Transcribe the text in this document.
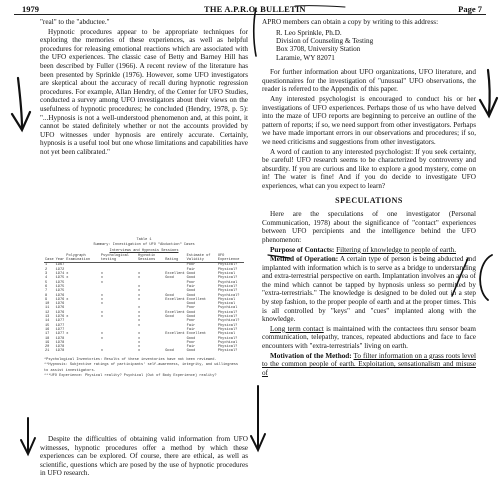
1979	THE A.P.R.O. BULLETIN	Page 7

"real" to the "abductee."

Hypnotic procedures appear to be appropriate techniques for exploring the memories of these experiences, as well as helpful procedures for releasing emotional reactions which are associated with the UFO experiences. The classic case of Betty and Barney Hill has been described by Fuller (1966). A recent review of the literature has been presented by Sprinkle (1976). However, some UFO investigators are skeptical about the accuracy of recall during hypnotic regression procedures. For example, Allan Hendry, of the Center for UFO Studies, conducted a survey among UFO investigators about their views on the usefulness of hypnotic procedures; he concluded (Hendry, 1978, p. 5): "...Hypnosis is not a well-understood phenomenon and, at this point, it cannot be stated definitely whether or not the accounts provided by UFO witnesses under hypnosis are entirely accurate. Certainly, hypnosis is a useful tool but one whose limitations and capabilities have not yet been calibrated."

Table 1
Summary: Investigation of UFO "Abduction" Cases
Interviews and Hypnosis Sessions
Case	Year	Polygraph Examination	Psychological testing	Hypnotic Sessions	Rating	Estimate of Validity	UFO Experience
1	1967					Poor	Physical?
2	1972					Fair	Physical?
3	1974	x	x	x	Excellent	Good	Physical
4	1975	x	x	x	Good	Good	Physical?
5	1975		x			Poor	Psychical
6	1975			x		Fair	Physical?
7	1975			x		Good	Physical?
8	1976		x	x	Good	Good	Psychical?
9	1976	x	x	x	Excellent	Excellent	Physical
10	1976		x			Good	Physical
11	1976			x		Poor	Psychical
12	1976		x	x	Excellent	Good	Physical?
13	1976	x	x	x	Good	Good	Physical?
14	1977			x		Poor	Psychical?
15	1977			x		Fair	Physical?
16	1977					Fair	Physical?
17	1977	x	x	x	Excellent	Excellent	Physical
18	1978		x	x		Good	Physical?
19	1978			x		Poor	Psychical
20	1978			x		Fair	Physical?
21	1978		x	x	Good	Good	Physical?
*Psychological Inventories: Results of these inventories have not been reviewed.
**Hypnosis: Subjective ratings of participants' self-awareness, integrity, and willingness to assist investigators.
***UFO Experience: Physical reality? Psychical (Out of Body Experience) reality?

Despite the difficulties of obtaining valid information from UFO witnesses, hypnotic procedures offer a method by which these experiences can be explored. Of course, there are ethical, as well as scientific, questions which are posed by the use of hypnotic procedures in UFO research.

APRO members can obtain a copy by writing to this address:

R. Leo Sprinkle, Ph.D.
Division of Counseling & Testing
Box 3708, University Station
Laramie, WY 82071

For further information about UFO organizations, UFO literature, and questionnaires for the investigation of "unusual" UFO observations, the reader is referred to the Appendix of this paper.

Any interested psychologist is encouraged to conduct his or her investigations of UFO experiences. Perhaps those of us who have delved into the maze of UFO reports are beginning to perceive an outline of the pattern of reports; if so, we need support from other investigators. Perhaps we have made important errors in our observations and procedures; if so, we need criticisms and suggestions from other investigators.

A word of caution to any interested psychologist: If you seek certainty, be careful! UFO research seems to be characterized by controversy and absurdity. If you are curious and like to explore a good mystery, come on in! The water is fine! And if you do decide to investigate UFO experiences, what can you expect to learn?

SPECULATIONS

Here are the speculations of one investigator (Personal Communication, 1978) about the significance of "contact" experiences between UFO percipients and the intelligence behind the UFO phenomenon:

Purpose of Contacts: Filtering of knowledge to people of earth.

Method of Operation: A certain type of person is being abducted and implanted with information which is to serve as a bridge to understanding and extra-terrestrial perspective on earth. Implantation involves an area of the mind which cannot be tapped by hypnosis unless so permitted by "extra-terrestrials." The knowledge is designed to be doled out in a step by step fashion, to the proper people of earth and at the proper times. This is all controlled by "keys" and "cues" implanted along with the knowledge.

Long term contact is maintained with the contactees thru sensor beam communication, telepathy, trances, repeated abductions and face to face encounters with "extra-terrestrials" living on earth.

Motivation of the Method: To filter information on a grass roots level to the common people of earth. Exploitation, sensationalism and misuse of
